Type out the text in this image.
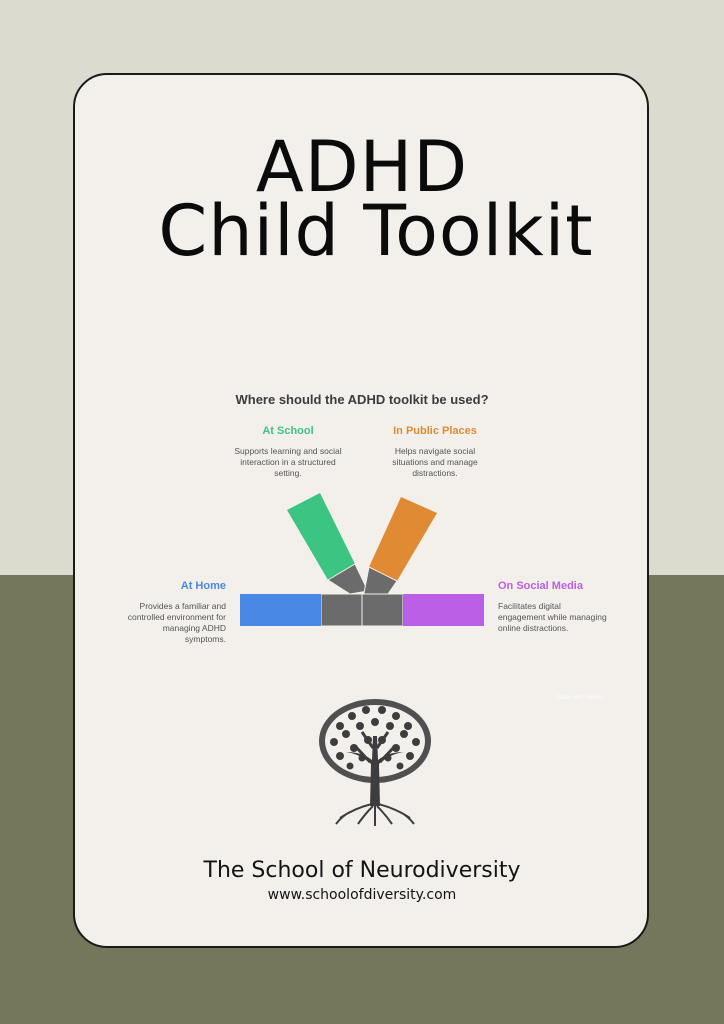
ADHD
Child Toolkit
Where should the ADHD toolkit be used?
At School
Supports learning and social interaction in a structured setting.
In Public Places
Helps navigate social situations and manage distractions.
At Home
Provides a familiar and controlled environment for managing ADHD symptoms.
On Social Media
Facilitates digital engagement while managing online distractions.
Made with Napkin
The School of Neurodiversity
www.schoolofdiversity.com
